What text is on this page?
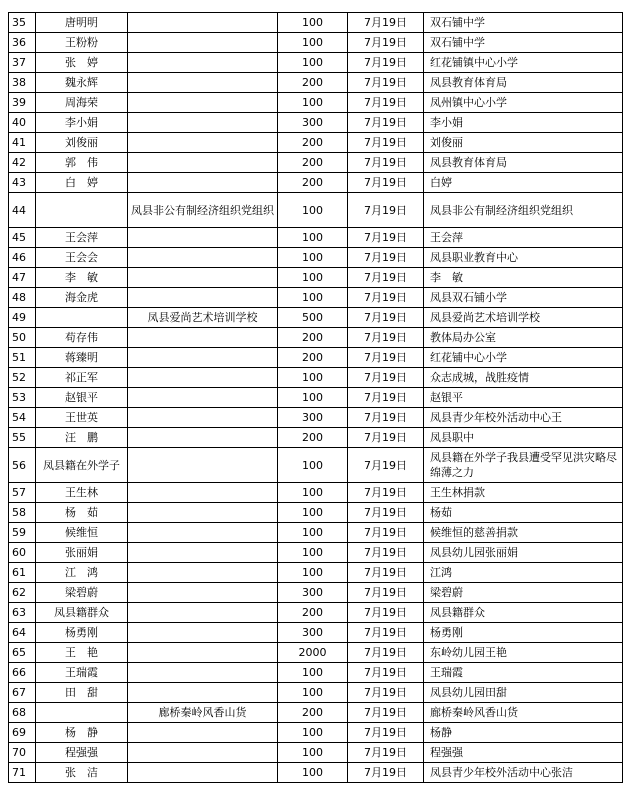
35	唐明明		100	7月19日	双石铺中学
36	王粉粉		100	7月19日	双石铺中学
37	张　婷		100	7月19日	红花铺镇中心小学
38	魏永辉		200	7月19日	凤县教育体育局
39	周海荣		100	7月19日	凤州镇中心小学
40	李小娟		300	7月19日	李小娟
41	刘俊丽		200	7月19日	刘俊丽
42	郭　伟		200	7月19日	凤县教育体育局
43	白　婷		200	7月19日	白婷
44		凤县非公有制经济组织党组织	100	7月19日	凤县非公有制经济组织党组织
45	王会萍		100	7月19日	王会萍
46	王会会		100	7月19日	凤县职业教育中心
47	李　敏		100	7月19日	李　敏
48	海金虎		100	7月19日	凤县双石铺小学
49		凤县爱尚艺术培训学校	500	7月19日	凤县爱尚艺术培训学校
50	苟存伟		200	7月19日	教体局办公室
51	蒋臻明		200	7月19日	红花铺中心小学
52	祁正军		100	7月19日	众志成城，战胜疫情
53	赵银平		100	7月19日	赵银平
54	王世英		300	7月19日	凤县青少年校外活动中心王
55	汪　鹏		200	7月19日	凤县职中
56	凤县籍在外学子		100	7月19日	凤县籍在外学子我县遭受罕见洪灾略尽绵薄之力
57	王生林		100	7月19日	王生林捐款
58	杨　茹		100	7月19日	杨茹
59	候维恒		100	7月19日	候维恒的慈善捐款
60	张丽娟		100	7月19日	凤县幼儿园张丽娟
61	江　鸿		100	7月19日	江鸿
62	梁碧蔚		300	7月19日	梁碧蔚
63	凤县籍群众		200	7月19日	凤县籍群众
64	杨勇刚		300	7月19日	杨勇刚
65	王　艳		2000	7月19日	东岭幼儿园王艳
66	王瑞霞		100	7月19日	王瑞霞
67	田　甜		100	7月19日	凤县幼儿园田甜
68		廊桥秦岭风香山货	200	7月19日	廊桥秦岭风香山货
69	杨　静		100	7月19日	杨静
70	程强强		100	7月19日	程强强
71	张　洁		100	7月19日	凤县青少年校外活动中心张洁
